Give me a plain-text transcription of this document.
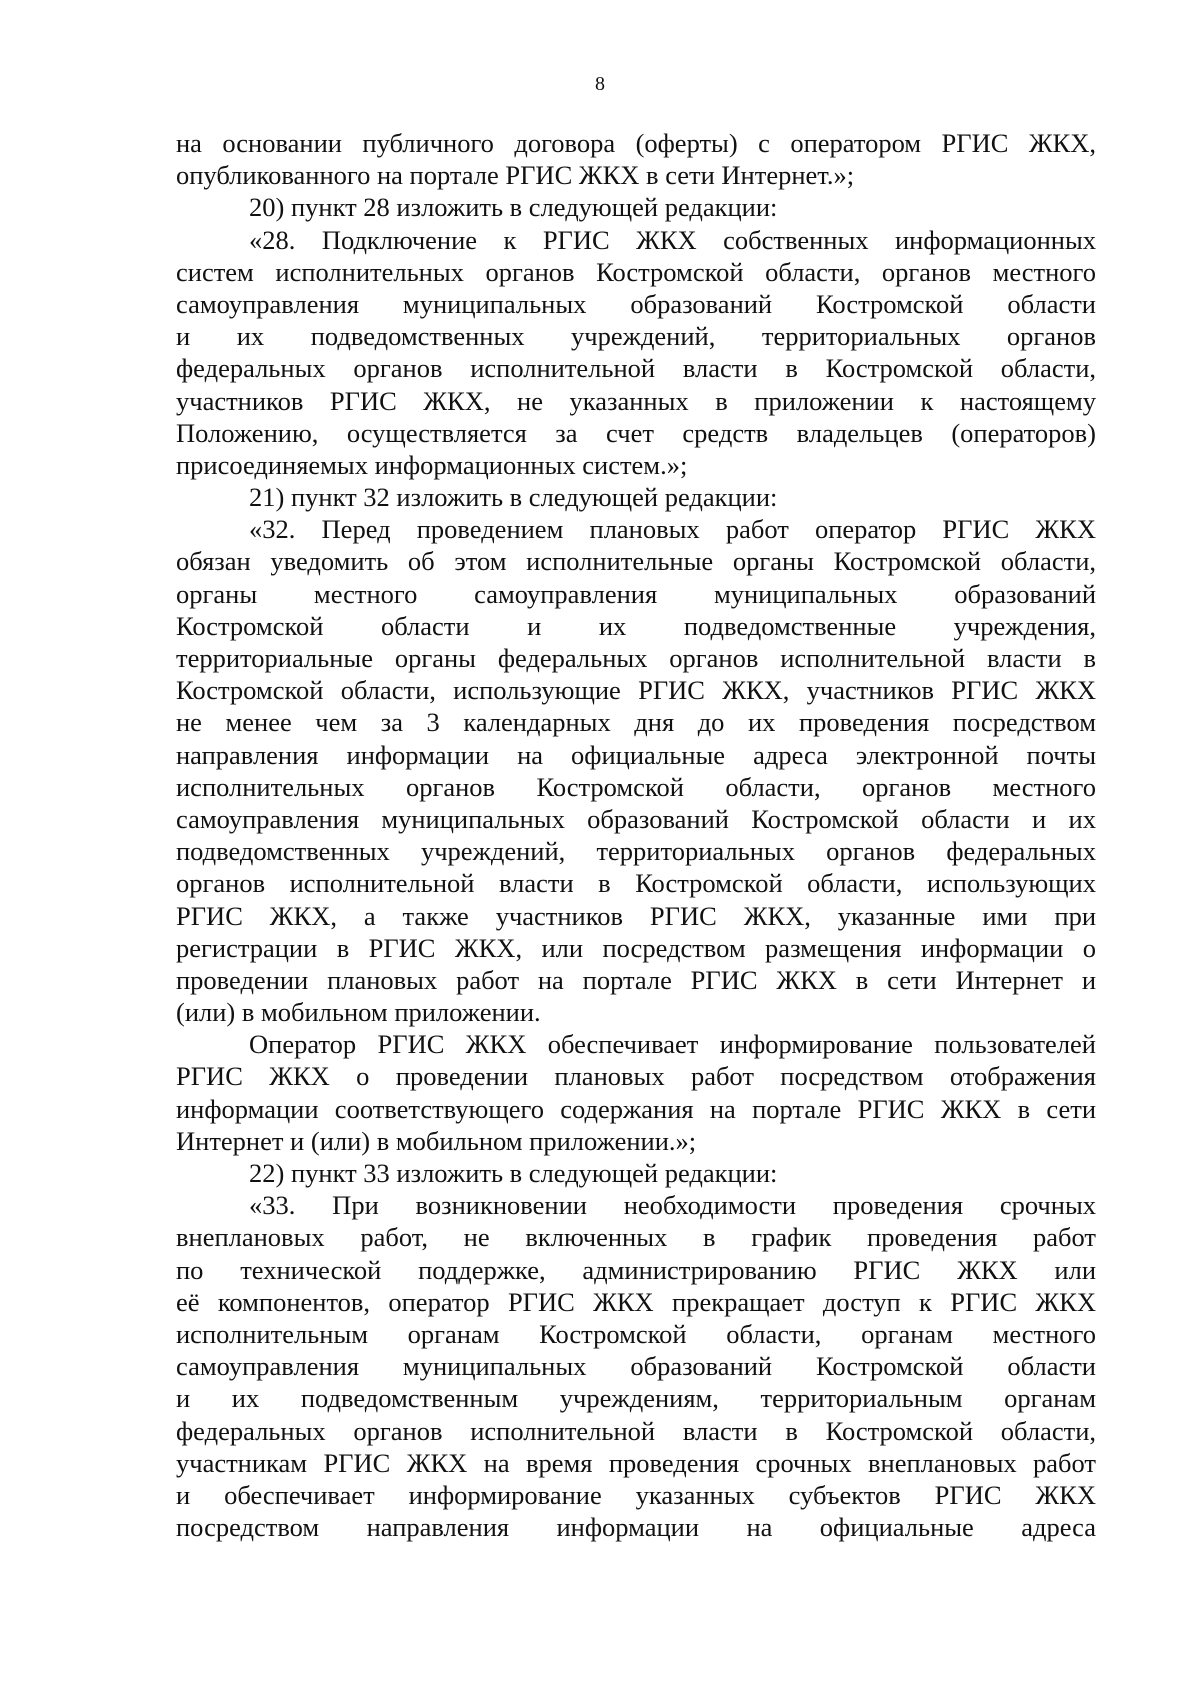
8
на основании публичного договора (оферты) с оператором РГИС ЖКХ,
опубликованного на портале РГИС ЖКХ в сети Интернет.»;
20) пункт 28 изложить в следующей редакции:
«28. Подключение к РГИС ЖКХ собственных информационных
систем исполнительных органов Костромской области, органов местного
самоуправления муниципальных образований Костромской области
и их подведомственных учреждений, территориальных органов
федеральных органов исполнительной власти в Костромской области,
участников РГИС ЖКХ, не указанных в приложении к настоящему
Положению, осуществляется за счет средств владельцев (операторов)
присоединяемых информационных систем.»;
21) пункт 32 изложить в следующей редакции:
«32. Перед проведением плановых работ оператор РГИС ЖКХ
обязан уведомить об этом исполнительные органы Костромской области,
органы местного самоуправления муниципальных образований
Костромской области и их подведомственные учреждения,
территориальные органы федеральных органов исполнительной власти в
Костромской области, использующие РГИС ЖКХ, участников РГИС ЖКХ
не менее чем за 3 календарных дня до их проведения посредством
направления информации на официальные адреса электронной почты
исполнительных органов Костромской области, органов местного
самоуправления муниципальных образований Костромской области и их
подведомственных учреждений, территориальных органов федеральных
органов исполнительной власти в Костромской области, использующих
РГИС ЖКХ, а также участников РГИС ЖКХ, указанные ими при
регистрации в РГИС ЖКХ, или посредством размещения информации о
проведении плановых работ на портале РГИС ЖКХ в сети Интернет и
(или) в мобильном приложении.
Оператор РГИС ЖКХ обеспечивает информирование пользователей
РГИС ЖКХ о проведении плановых работ посредством отображения
информации соответствующего содержания на портале РГИС ЖКХ в сети
Интернет и (или) в мобильном приложении.»;
22) пункт 33 изложить в следующей редакции:
«33. При возникновении необходимости проведения срочных
внеплановых работ, не включенных в график проведения работ
по технической поддержке, администрированию РГИС ЖКХ или
её компонентов, оператор РГИС ЖКХ прекращает доступ к РГИС ЖКХ
исполнительным органам Костромской области, органам местного
самоуправления муниципальных образований Костромской области
и их подведомственным учреждениям, территориальным органам
федеральных органов исполнительной власти в Костромской области,
участникам РГИС ЖКХ на время проведения срочных внеплановых работ
и обеспечивает информирование указанных субъектов РГИС ЖКХ
посредством направления информации на официальные адреса
